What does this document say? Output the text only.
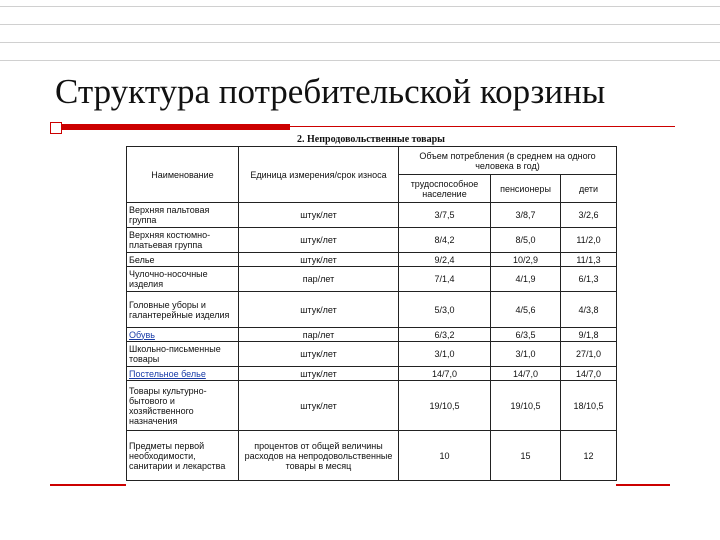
Структура потребительской корзины
2. Непродовольственные товары
Наименование	Единица измерения/срок износа	Объем потребления (в среднем на одного человека в год)		
		трудоспособное население	пенсионеры	дети
Верхняя пальтовая группа	штук/лет	3/7,5	3/8,7	3/2,6
Верхняя костюмно-платьевая группа	штук/лет	8/4,2	8/5,0	11/2,0
Белье	штук/лет	9/2,4	10/2,9	11/1,3
Чулочно-носочные изделия	пар/лет	7/1,4	4/1,9	6/1,3
Головные уборы и галантерейные изделия	штук/лет	5/3,0	4/5,6	4/3,8
Обувь	пар/лет	6/3,2	6/3,5	9/1,8
Школьно-письменные товары	штук/лет	3/1,0	3/1,0	27/1,0
Постельное белье	штук/лет	14/7,0	14/7,0	14/7,0
Товары культурно-бытового и хозяйственного назначения	штук/лет	19/10,5	19/10,5	18/10,5
Предметы первой необходимости, санитарии и лекарства	процентов от общей величины расходов на непродовольственные товары в месяц	10	15	12
